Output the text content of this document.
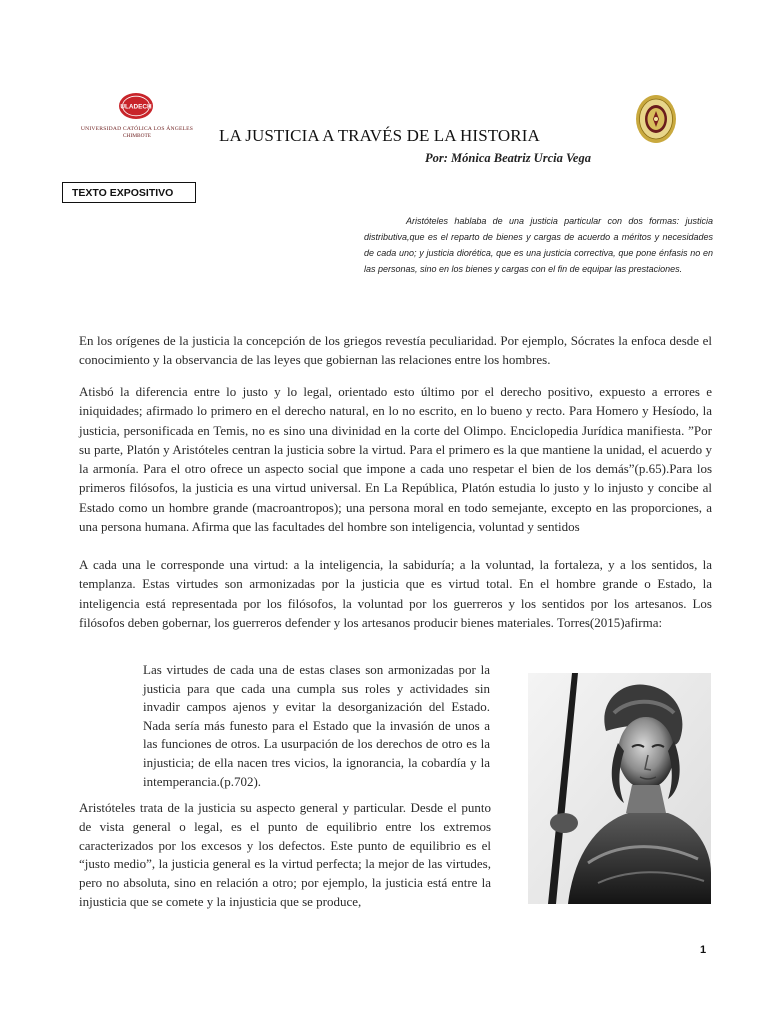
ULADECH
UNIVERSIDAD CATÓLICA LOS ÁNGELES
CHIMBOTE	LA JUSTICIA A TRAVÉS DE LA HISTORIA
Por: Mónica Beatriz Urcia Vega
TEXTO EXPOSITIVO
Aristóteles hablaba de una justicia particular con dos formas: justicia distributiva,que es el reparto de bienes y cargas de acuerdo a méritos y necesidades de cada uno; y justicia diorética, que es una justicia correctiva, que pone énfasis no en las personas, sino en los bienes y cargas con el fin de equipar las prestaciones.
En los orígenes de la justicia la concepción de los griegos revestía peculiaridad. Por ejemplo, Sócrates la enfoca desde el conocimiento y la observancia de las leyes que gobiernan las relaciones entre los hombres.
Atisbó la diferencia entre lo justo y lo legal, orientado esto último por el derecho positivo, expuesto a errores e iniquidades; afirmado lo primero en el derecho natural, en lo no escrito, en lo bueno y recto. Para Homero y Hesíodo, la justicia, personificada en Temis, no es sino una divinidad en la corte del Olimpo. Enciclopedia Jurídica manifiesta. ”Por su parte, Platón y Aristóteles centran la justicia sobre la virtud. Para el primero es la que mantiene la unidad, el acuerdo y la armonía. Para el otro ofrece un aspecto social que impone a cada uno respetar el bien de los demás”(p.65).Para los primeros filósofos, la justicia es una virtud universal. En La República, Platón estudia lo justo y lo injusto y concibe al Estado como un hombre grande (macroantropos); una persona moral en todo semejante, excepto en las proporciones, a una persona humana. Afirma que las facultades del hombre son inteligencia, voluntad y sentidos
A cada una le corresponde una virtud: a la inteligencia, la sabiduría; a la voluntad, la fortaleza, y a los sentidos, la templanza. Estas virtudes son armonizadas por la justicia que es virtud total. En el hombre grande o Estado, la inteligencia está representada por los filósofos, la voluntad por los guerreros y los sentidos por los artesanos. Los filósofos deben gobernar, los guerreros defender y los artesanos producir bienes materiales. Torres(2015)afirma:
Las virtudes de cada una de estas clases son armonizadas por la justicia para que cada una cumpla sus roles y actividades sin invadir campos ajenos y evitar la desorganización del Estado. Nada sería más funesto para el Estado que la invasión de unos a las funciones de otros. La usurpación de los derechos de otro es la injusticia; de ella nacen tres vicios, la ignorancia, la cobardía y la intemperancia.(p.702).
Aristóteles trata de la justicia su aspecto general y particular. Desde el punto de vista general o legal, es el punto de equilibrio entre los extremos caracterizados por los excesos y los defectos. Este punto de equilibrio es el “justo medio”, la justicia general es la virtud perfecta; la mejor de las virtudes, pero no absoluta, sino en relación a otro; por ejemplo, la justicia está entre la injusticia que se comete y la injusticia que se produce,
1
